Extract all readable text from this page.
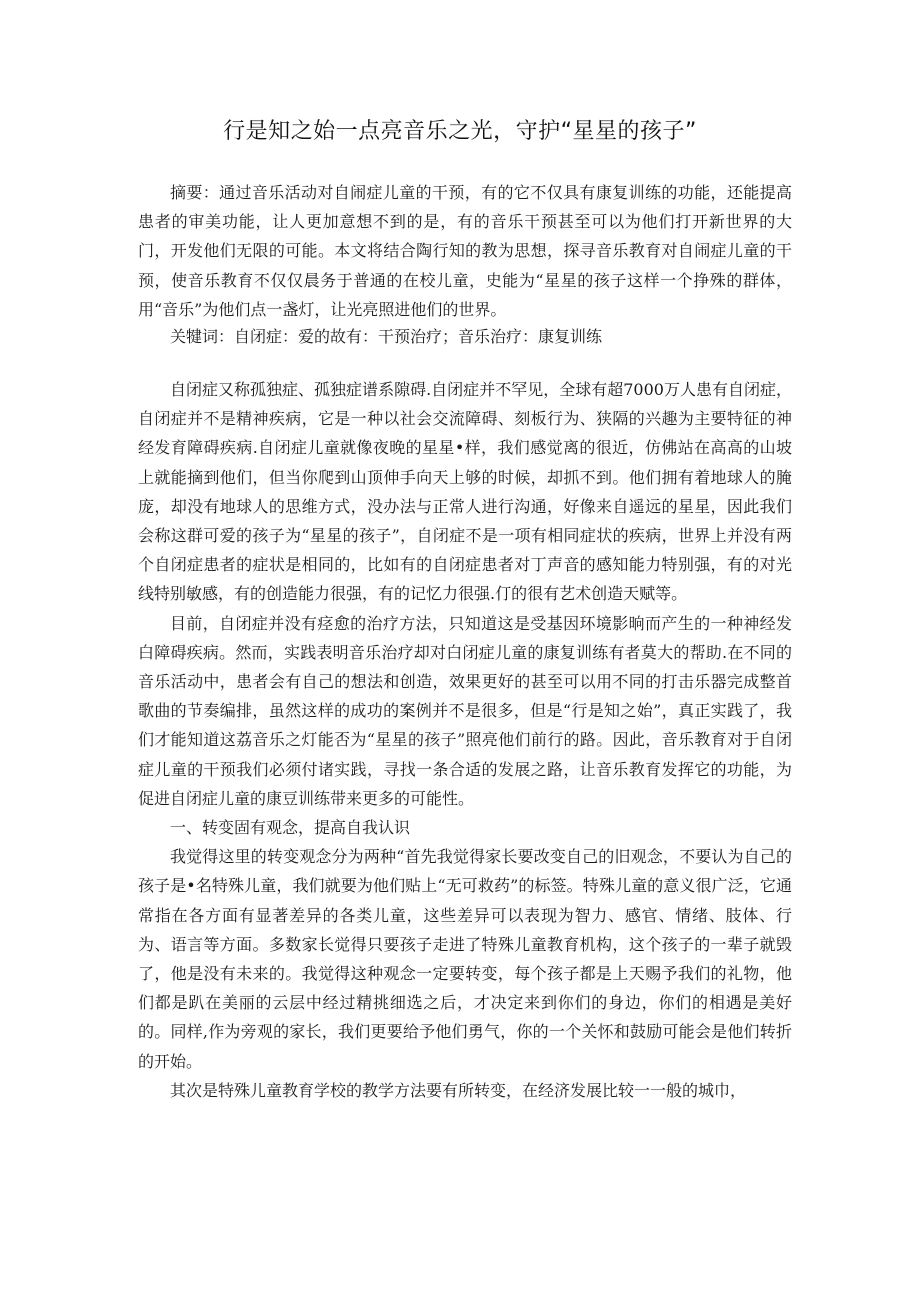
行是知之始一点亮音乐之光，守护“星星的孩子”

摘要：通过音乐活动对自闹症儿童的干预，有的它不仅具有康复训练的功能，还能提高患者的审美功能，让人更加意想不到的是，有的音乐干预甚至可以为他们打开新世界的大门，开发他们无限的可能。本文将结合陶行知的教为思想，探寻音乐教育对自闹症儿童的干预，使音乐教育不仅仅晨务于普通的在校儿童，史能为“星星的孩子这样一个挣殊的群体，用“音乐”为他们点一盏灯，让光亮照进他们的世界。

关犍词：自闭症：爱的故有：干预治疗；音乐治疗：康复训练

自闭症又称孤独症、孤独症谱系隙碍.自闭症并不罕见，全球有超7000万人患有自闭症，自闭症并不是精神疾病，它是一种以社会交流障碍、刻板行为、狭隔的兴趣为主要特征的神经发育障碍疾病.自闭症儿童就像夜晚的星星•样，我们感觉离的很近，仿佛站在高高的山坡上就能摘到他们，但当你爬到山顶伸手向天上够的时候，却抓不到。他们拥有着地球人的腌庞，却没有地球人的思维方式，没办法与正常人进行沟通，好像来自遥远的星星，因此我们会称这群可爱的孩子为“星星的孩子”，自闭症不是一项有相同症状的疾病，世界上并没有两个自闭症患者的症状是相同的，比如有的自闭症患者对丁声音的感知能力特别强，有的对光线特别敏感，有的创造能力很强，有的记忆力很强.仃的很有艺术创造天赋等。

目前，自闭症并没有痉愈的治疗方法，只知道这是受基因环境影晌而产生的一种神经发白障碍疾病。然而，实践表明音乐治疗却对白闭症儿童的康复训练有者莫大的帮助.在不同的音乐活动中，患者会有自己的想法和创造，效果更好的甚至可以用不同的打击乐器完成整首歌曲的节奏编排，虽然这样的成功的案例并不是很多，但是“行是知之始”，真正实践了，我们才能知道这荔音乐之灯能否为“星星的孩子”照亮他们前行的路。因此，音乐教育对于自闭症儿童的干预我们必须付诸实践，寻找一条合适的发展之路，让音乐教育发挥它的功能，为促进自闭症儿童的康豆训练带来更多的可能性。

一、转变固有观念，提高自我认识

我觉得这里的转变观念分为两种“首先我觉得家长要改变自己的旧观念，不要认为自己的孩子是•名特殊儿童，我们就要为他们贴上“无可救药”的标签。特殊儿童的意义很广泛，它通常指在各方面有显著差异的各类儿童，这些差异可以表现为智力、感官、情绪、肢体、行为、语言等方面。多数家长觉得只要孩子走进了特殊儿童教育机构，这个孩子的一辈子就毁了，他是没有未来的。我觉得这种观念一定要转变，每个孩子都是上天赐予我们的礼物，他们都是趴在美丽的云层中经过精挑细选之后，才决定来到你们的身边，你们的相遇是美好的。同样,作为旁观的家长，我们更要给予他们勇气，你的一个关怀和鼓励可能会是他们转折的开始。

其次是特殊儿童教育学校的教学方法要有所转变，在经济发展比较一一般的城巾，
